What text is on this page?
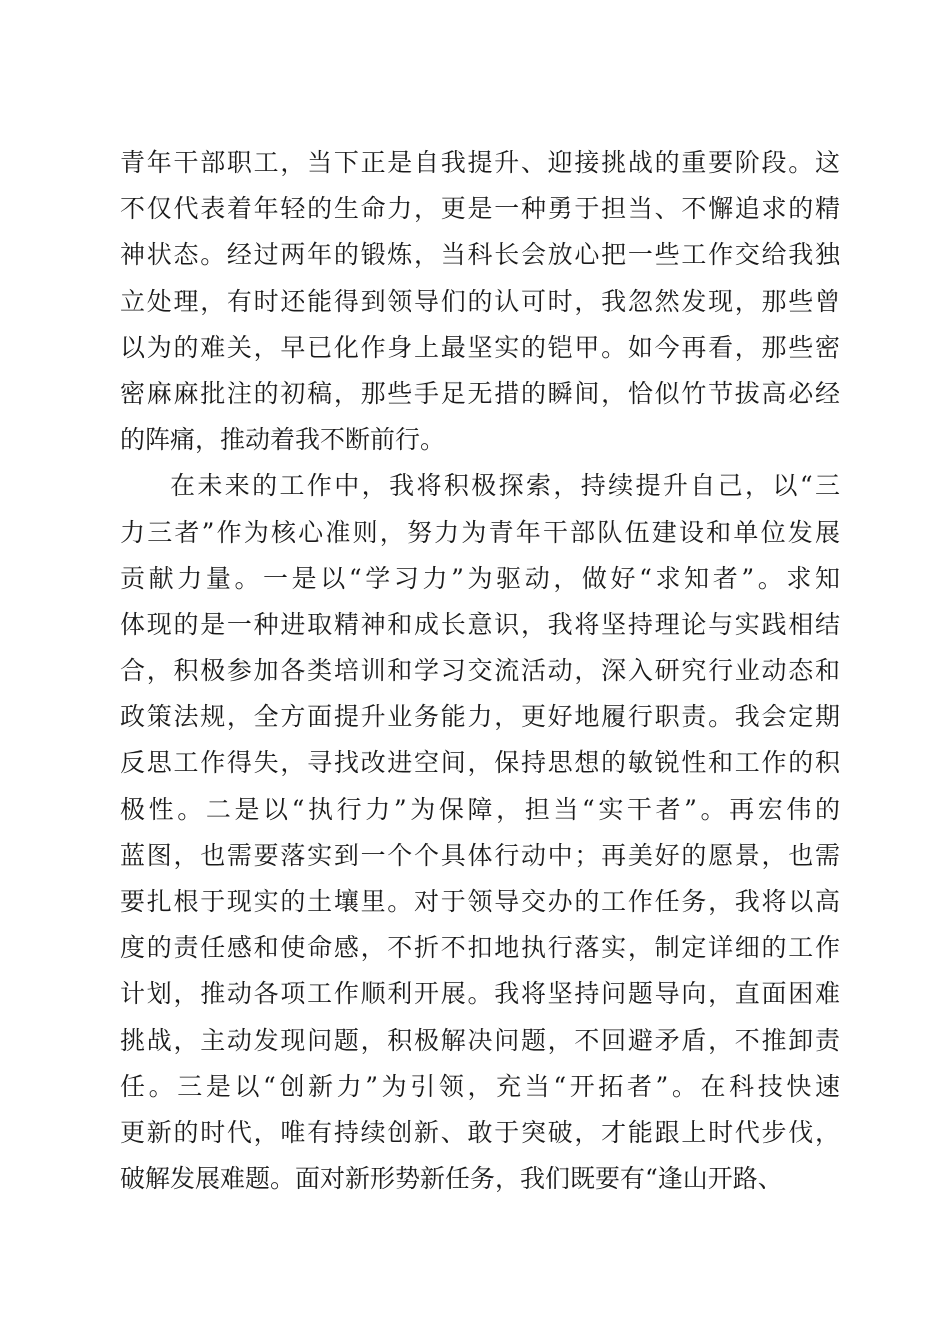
青年干部职工，当下正是自我提升、迎接挑战的重要阶段。这
不仅代表着年轻的生命力，更是一种勇于担当、不懈追求的精
神状态。经过两年的锻炼，当科长会放心把一些工作交给我独
立处理，有时还能得到领导们的认可时，我忽然发现，那些曾
以为的难关，早已化作身上最坚实的铠甲。如今再看，那些密
密麻麻批注的初稿，那些手足无措的瞬间，恰似竹节拔高必经
的阵痛，推动着我不断前行。
在未来的工作中，我将积极探索，持续提升自己，以“三
力三者”作为核心准则，努力为青年干部队伍建设和单位发展
贡献力量。一是以“学习力”为驱动，做好“求知者”。求知
体现的是一种进取精神和成长意识，我将坚持理论与实践相结
合，积极参加各类培训和学习交流活动，深入研究行业动态和
政策法规，全方面提升业务能力，更好地履行职责。我会定期
反思工作得失，寻找改进空间，保持思想的敏锐性和工作的积
极性。二是以“执行力”为保障，担当“实干者”。再宏伟的
蓝图，也需要落实到一个个具体行动中；再美好的愿景，也需
要扎根于现实的土壤里。对于领导交办的工作任务，我将以高
度的责任感和使命感，不折不扣地执行落实，制定详细的工作
计划，推动各项工作顺利开展。我将坚持问题导向，直面困难
挑战，主动发现问题，积极解决问题，不回避矛盾，不推卸责
任。三是以“创新力”为引领，充当“开拓者”。在科技快速
更新的时代，唯有持续创新、敢于突破，才能跟上时代步伐，
破解发展难题。面对新形势新任务，我们既要有“逢山开路、
